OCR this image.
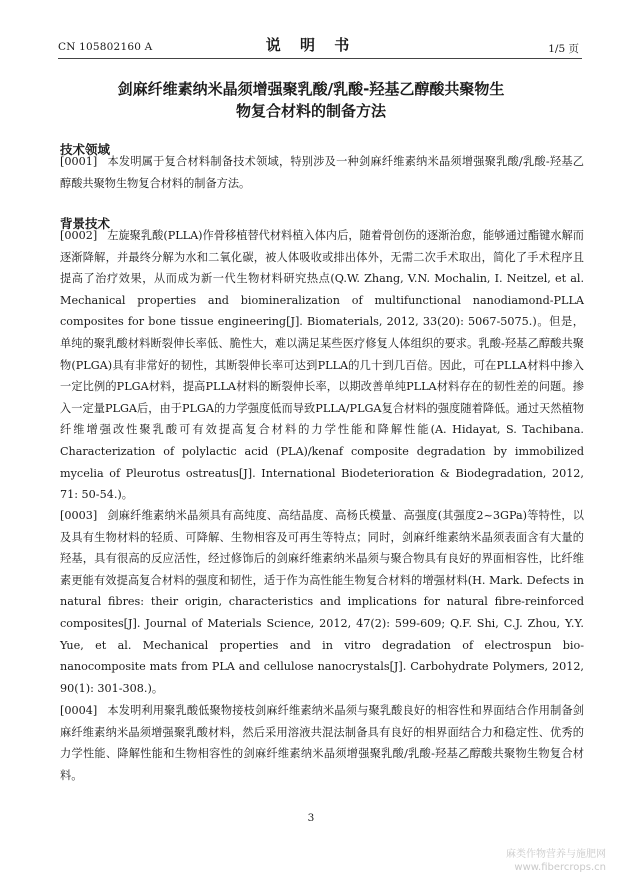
CN 105802160 A	说 明 书	1/5 页
剑麻纤维素纳米晶须增强聚乳酸/乳酸-羟基乙醇酸共聚物生
物复合材料的制备方法
技术领域
[0001] 本发明属于复合材料制备技术领域，特别涉及一种剑麻纤维素纳米晶须增强聚乳酸/乳酸-羟基乙醇酸共聚物生物复合材料的制备方法。
背景技术
[0002] 左旋聚乳酸(PLLA)作骨移植替代材料植入体内后，随着骨创伤的逐渐治愈，能够通过酯键水解而逐渐降解，并最终分解为水和二氧化碳，被人体吸收或排出体外，无需二次手术取出，简化了手术程序且提高了治疗效果，从而成为新一代生物材料研究热点(Q.W. Zhang, V.N. Mochalin, I. Neitzel, et al. Mechanical properties and biomineralization of multifunctional nanodiamond-PLLA composites for bone tissue engineering[J]. Biomaterials, 2012, 33(20): 5067-5075.)。但是，单纯的聚乳酸材料断裂伸长率低、脆性大，难以满足某些医疗修复人体组织的要求。乳酸-羟基乙醇酸共聚物(PLGA)具有非常好的韧性，其断裂伸长率可达到PLLA的几十到几百倍。因此，可在PLLA材料中掺入一定比例的PLGA材料，提高PLLA材料的断裂伸长率，以期改善单纯PLLA材料存在的韧性差的问题。掺入一定量PLGA后，由于PLGA的力学强度低而导致PLLA/PLGA复合材料的强度随着降低。通过天然植物纤维增强改性聚乳酸可有效提高复合材料的力学性能和降解性能(A. Hidayat, S. Tachibana. Characterization of polylactic acid (PLA)/kenaf composite degradation by immobilized mycelia of Pleurotus ostreatus[J]. International Biodeterioration & Biodegradation, 2012, 71: 50-54.)。
[0003] 剑麻纤维素纳米晶须具有高纯度、高结晶度、高杨氏模量、高强度(其强度2~3GPa)等特性，以及具有生物材料的轻质、可降解、生物相容及可再生等特点；同时，剑麻纤维素纳米晶须表面含有大量的羟基，具有很高的反应活性，经过修饰后的剑麻纤维素纳米晶须与聚合物具有良好的界面相容性，比纤维素更能有效提高复合材料的强度和韧性，适于作为高性能生物复合材料的增强材料(H. Mark. Defects in natural fibres: their origin, characteristics and implications for natural fibre-reinforced composites[J]. Journal of Materials Science, 2012, 47(2): 599-609; Q.F. Shi, C.J. Zhou, Y.Y. Yue, et al. Mechanical properties and in vitro degradation of electrospun bio-nanocomposite mats from PLA and cellulose nanocrystals[J]. Carbohydrate Polymers, 2012, 90(1): 301-308.)。
[0004] 本发明利用聚乳酸低聚物接枝剑麻纤维素纳米晶须与聚乳酸良好的相容性和界面结合作用制备剑麻纤维素纳米晶须增强聚乳酸材料，然后采用溶液共混法制备具有良好的相界面结合力和稳定性、优秀的力学性能、降解性能和生物相容性的剑麻纤维素纳米晶须增强聚乳酸/乳酸-羟基乙醇酸共聚物生物复合材料。
3
麻类作物营养与施肥网
www.fibercrops.cn
